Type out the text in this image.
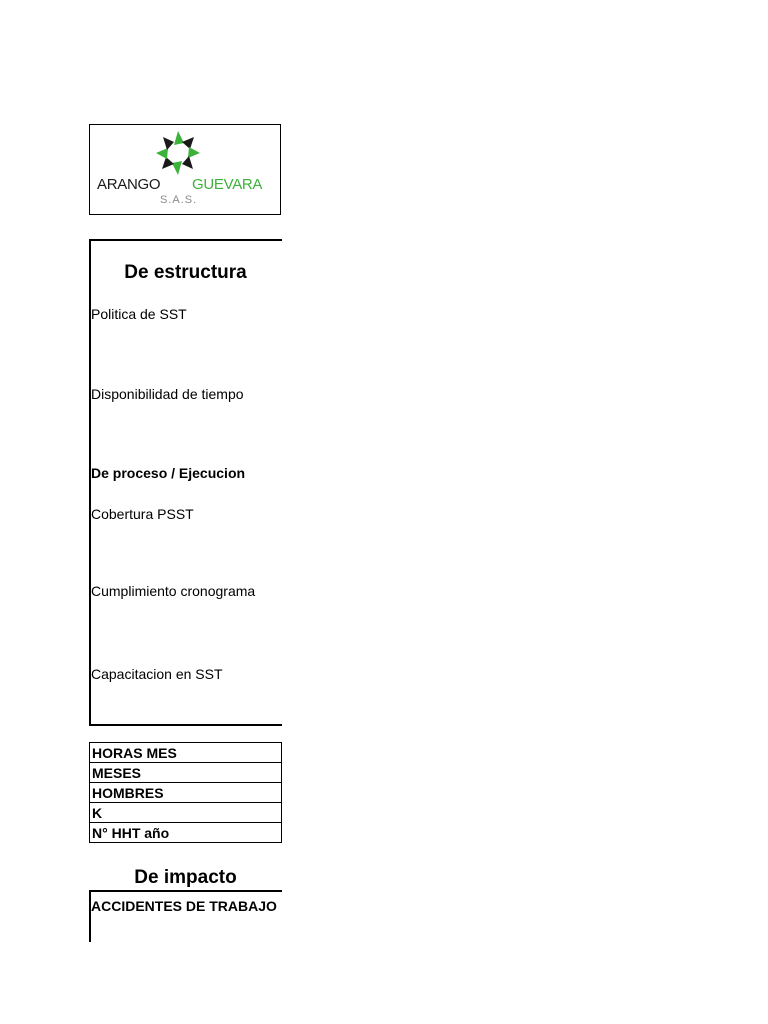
ARANGO GUEVARA
S.A.S.
De estructura
Politica de SST
Disponibilidad de tiempo
De proceso / Ejecucion
Cobertura PSST
Cumplimiento cronograma
Capacitacion en SST
HORAS MES
MESES
HOMBRES
K
N° HHT año
De impacto
ACCIDENTES DE TRABAJO
